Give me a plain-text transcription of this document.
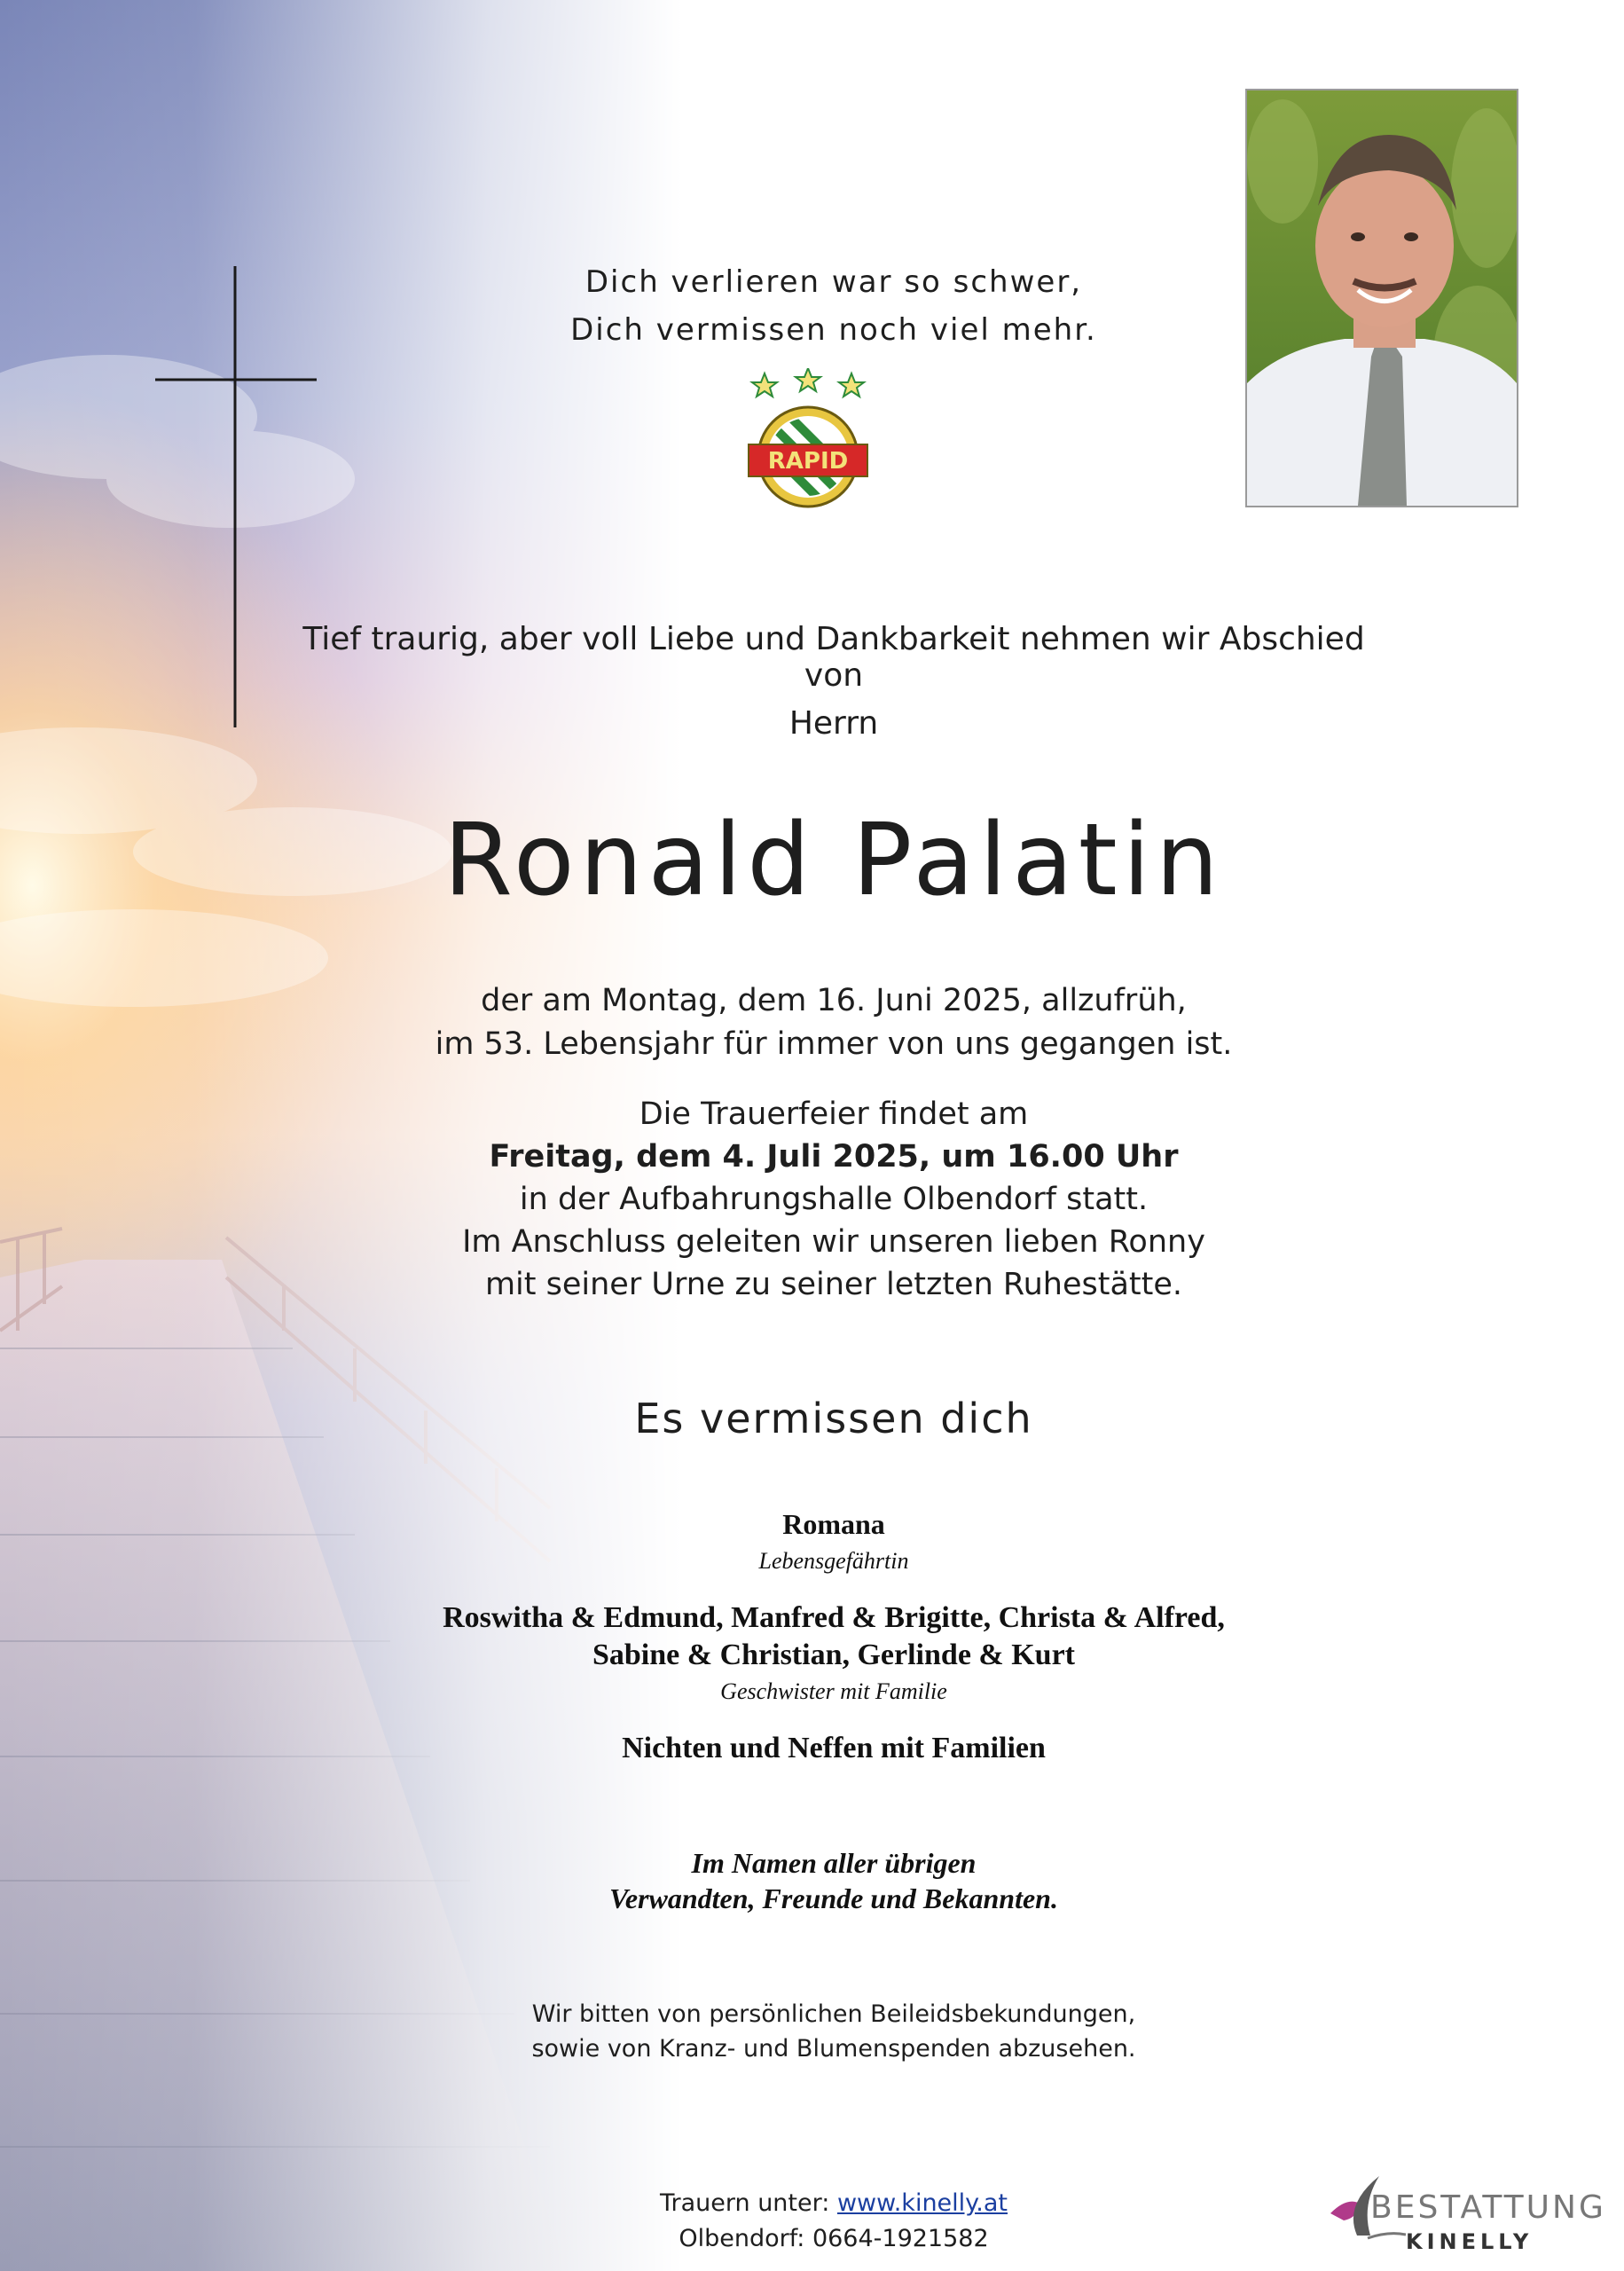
Dich verlieren war so schwer,
Dich vermissen noch viel mehr.
RAPID
Tief traurig, aber voll Liebe und Dankbarkeit nehmen wir Abschied von
Herrn
Ronald Palatin
der am Montag, dem 16. Juni 2025, allzufrüh,
im 53. Lebensjahr für immer von uns gegangen ist.
Die Trauerfeier findet am
Freitag, dem 4. Juli 2025, um 16.00 Uhr
in der Aufbahrungshalle Olbendorf statt.
Im Anschluss geleiten wir unseren lieben Ronny
mit seiner Urne zu seiner letzten Ruhestätte.
Es vermissen dich
Romana
Lebensgefährtin
Roswitha & Edmund, Manfred & Brigitte, Christa & Alfred,
Sabine & Christian, Gerlinde & Kurt
Geschwister mit Familie
Nichten und Neffen mit Familien
Im Namen aller übrigen
Verwandten, Freunde und Bekannten.
Wir bitten von persönlichen Beileidsbekundungen,
sowie von Kranz- und Blumenspenden abzusehen.
Trauern unter: www.kinelly.at
Olbendorf: 0664-1921582
BESTATTUNG
KINELLY
